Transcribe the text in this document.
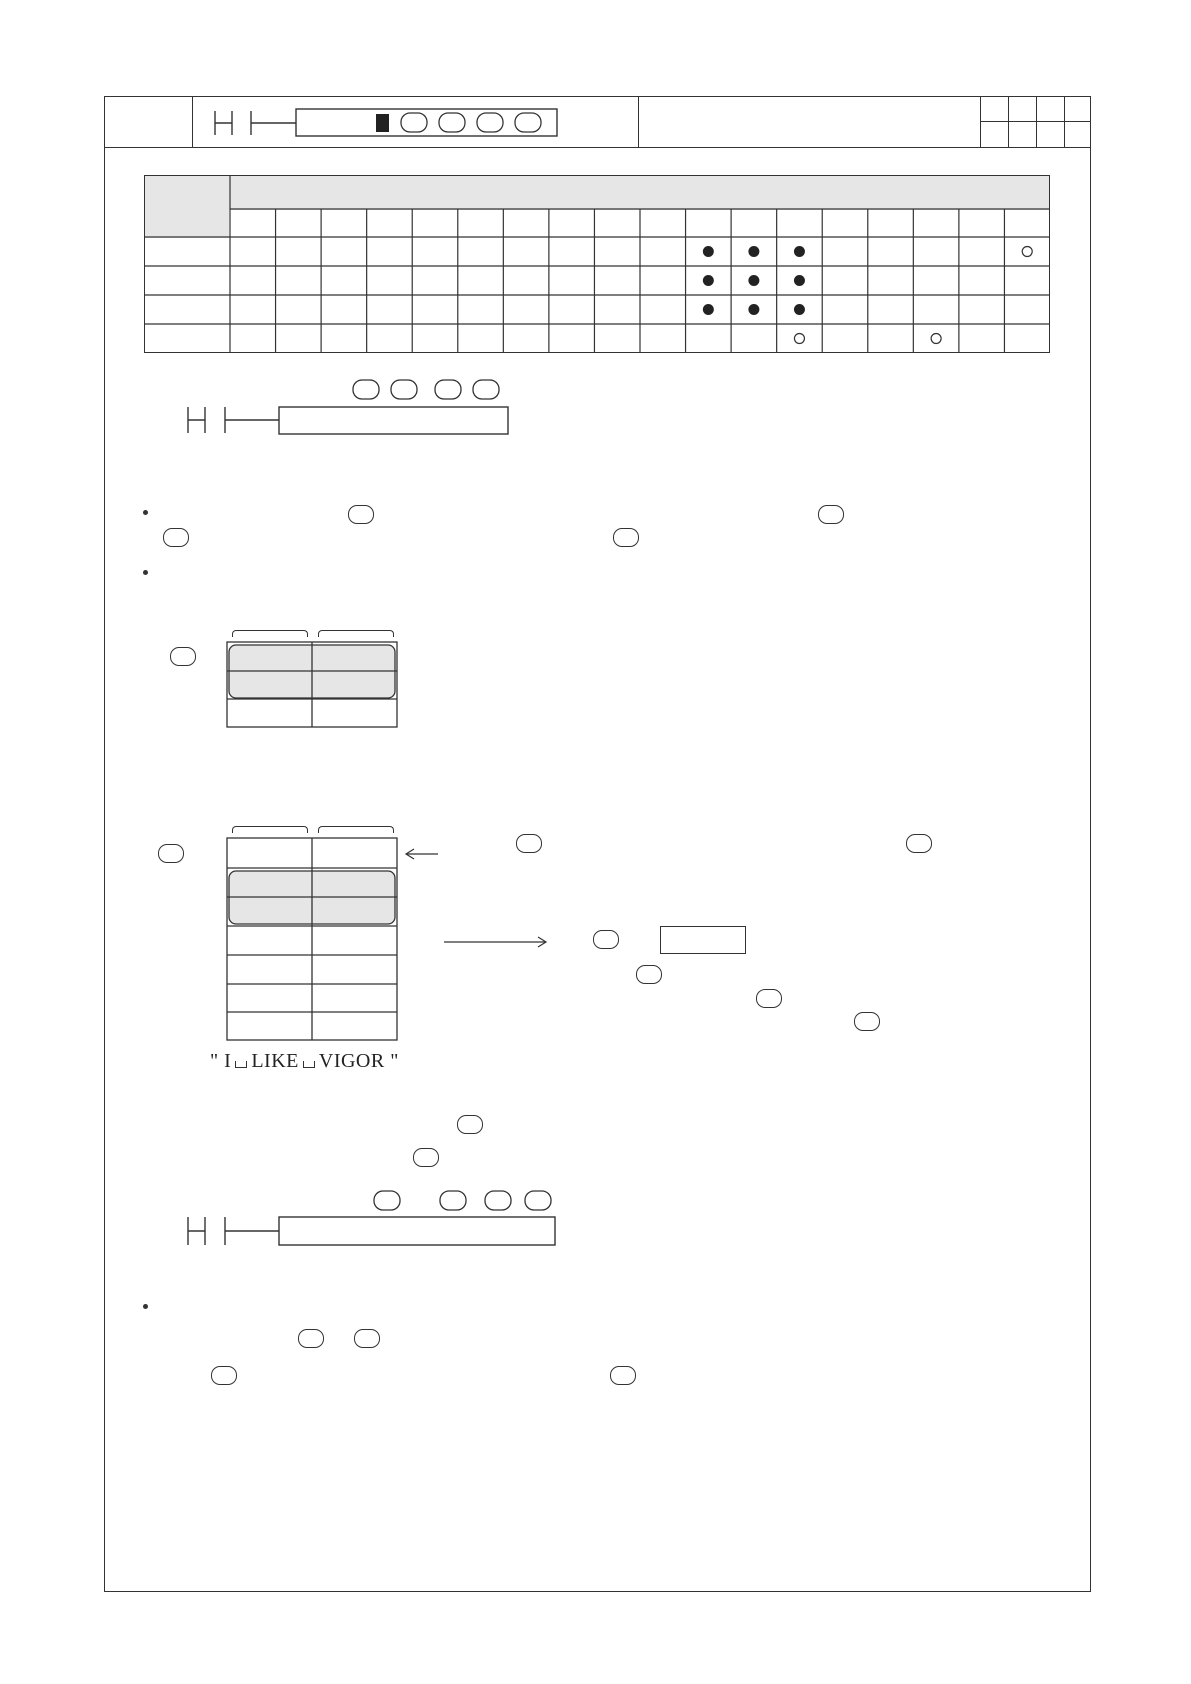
" I LIKE VIGOR "
